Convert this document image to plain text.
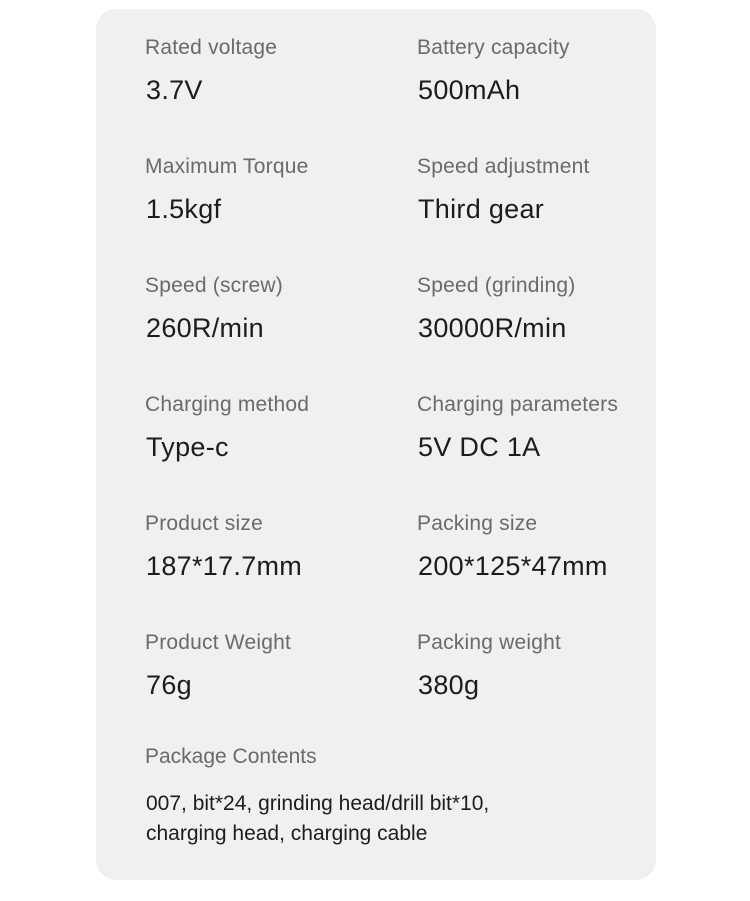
Rated voltage
3.7V
Battery capacity
500mAh
Maximum Torque
1.5kgf
Speed adjustment
Third gear
Speed (screw)
260R/min
Speed (grinding)
30000R/min
Charging method
Type-c
Charging parameters
5V DC 1A
Product size
187*17.7mm
Packing size
200*125*47mm
Product Weight
76g
Packing weight
380g
Package Contents
007, bit*24, grinding head/drill bit*10,
charging head, charging cable
